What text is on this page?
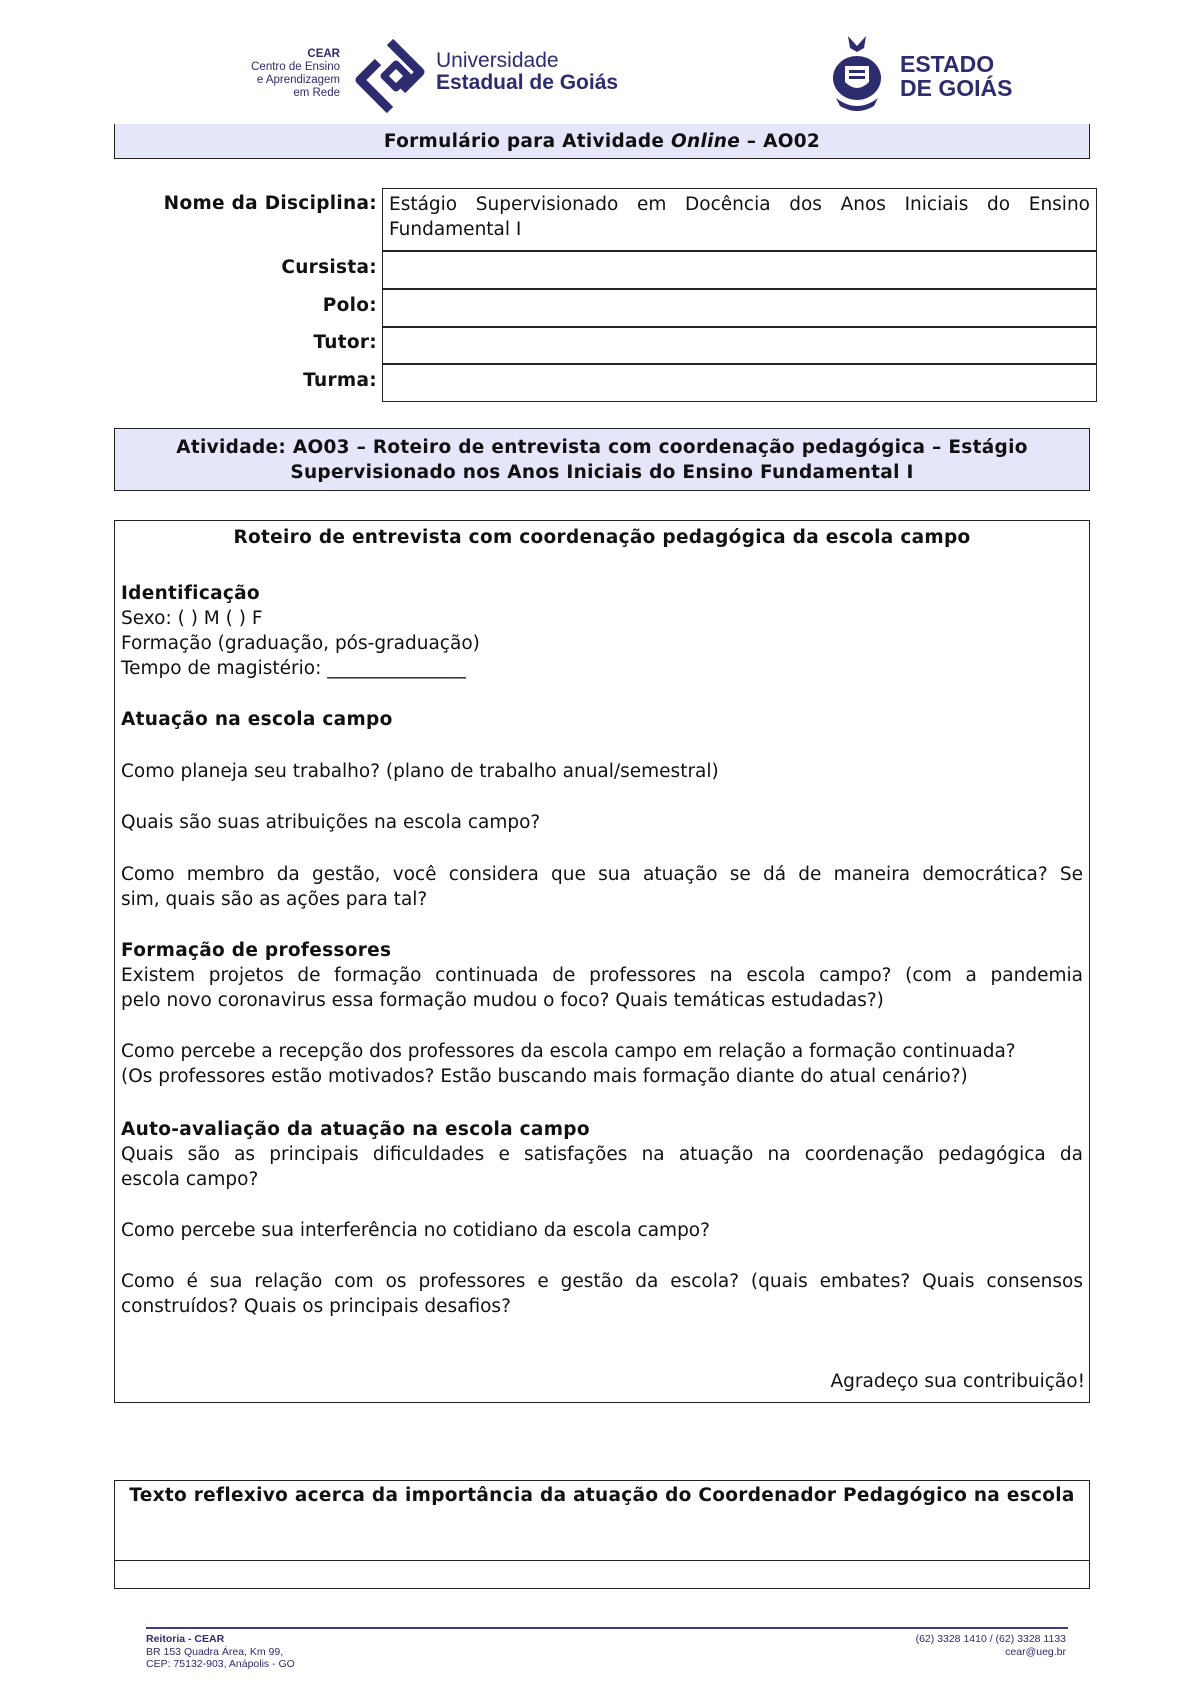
CEAR
Centro de Ensino
e Aprendizagem
em Rede
Universidade
Estadual de Goiás
ESTADO
DE GOIÁS
Formulário para Atividade Online – AO02
Nome da Disciplina: Estágio Supervisionado em Docência dos Anos Iniciais do Ensino Fundamental I
Cursista:
Polo:
Tutor:
Turma:
Atividade: AO03 – Roteiro de entrevista com coordenação pedagógica – Estágio
Supervisionado nos Anos Iniciais do Ensino Fundamental I
Roteiro de entrevista com coordenação pedagógica da escola campo
Identificação
Sexo: ( ) M ( ) F
Formação (graduação, pós-graduação)
Tempo de magistério: _______________
Atuação na escola campo
Como planeja seu trabalho? (plano de trabalho anual/semestral)
Quais são suas atribuições na escola campo?
Como membro da gestão, você considera que sua atuação se dá de maneira democrática? Se
sim, quais são as ações para tal?
Formação de professores
Existem projetos de formação continuada de professores na escola campo? (com a pandemia
pelo novo coronavirus essa formação mudou o foco? Quais temáticas estudadas?)
Como percebe a recepção dos professores da escola campo em relação a formação continuada?
(Os professores estão motivados? Estão buscando mais formação diante do atual cenário?)
Auto-avaliação da atuação na escola campo
Quais são as principais dificuldades e satisfações na atuação na coordenação pedagógica da
escola campo?
Como percebe sua interferência no cotidiano da escola campo?
Como é sua relação com os professores e gestão da escola? (quais embates? Quais consensos
construídos? Quais os principais desafios?
Agradeço sua contribuição!
Texto reflexivo acerca da importância da atuação do Coordenador Pedagógico na escola
Reitoria - CEAR
BR 153 Quadra Área, Km 99,
CEP: 75132-903, Anápolis - GO
(62) 3328 1410 / (62) 3328 1133
cear@ueg.br
